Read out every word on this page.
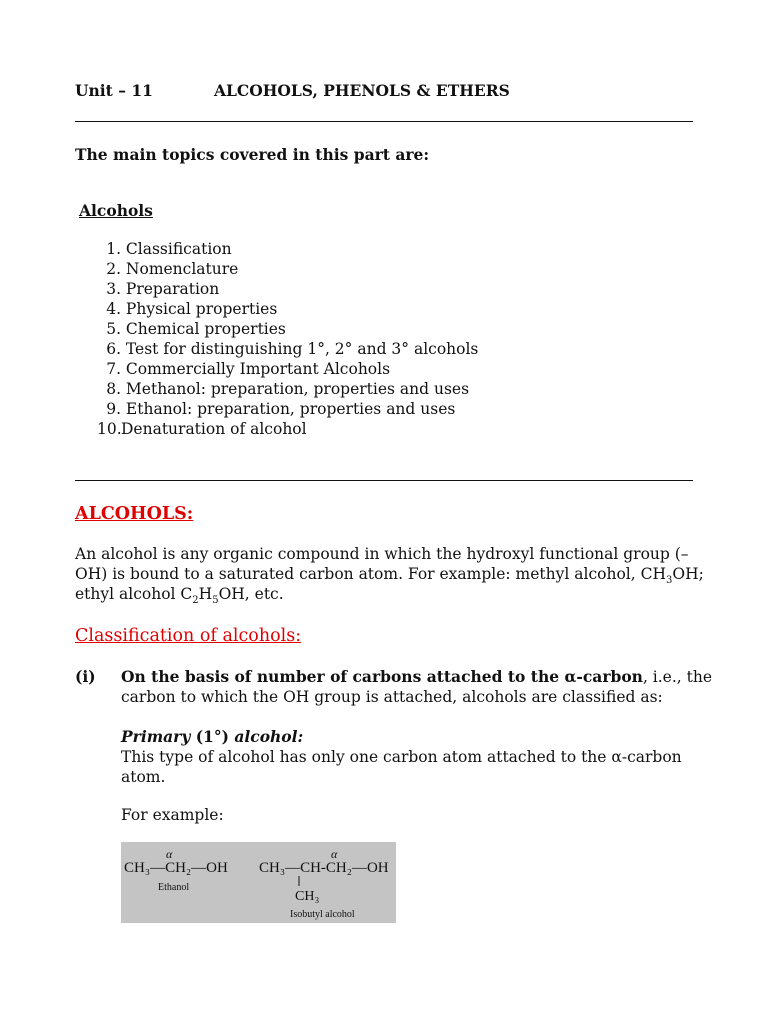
Unit – 11	ALCOHOLS, PHENOLS & ETHERS
The main topics covered in this part are:
Alcohols
1. Classification
2. Nomenclature
3. Preparation
4. Physical properties
5. Chemical properties
6. Test for distinguishing 1°, 2° and 3° alcohols
7. Commercially Important Alcohols
8. Methanol: preparation, properties and uses
9. Ethanol: preparation, properties and uses
10. Denaturation of alcohol
ALCOHOLS:
An alcohol is any organic compound in which the hydroxyl functional group (–
OH) is bound to a saturated carbon atom. For example: methyl alcohol, $CH_3OH$;
ethyl alcohol $C_2H_5OH$, etc.
Classification of alcohols:
(i) On the basis of number of carbons attached to the α-carbon, i.e., the
carbon to which the OH group is attached, alcohols are classified as:
Primary (1°) alcohol:
This type of alcohol has only one carbon atom attached to the α-carbon
atom.
For example:
α
CH₃—CH₂—OH
Ethanol
α
CH₃—CH-CH₂—OH
CH₃
Isobutyl alcohol
